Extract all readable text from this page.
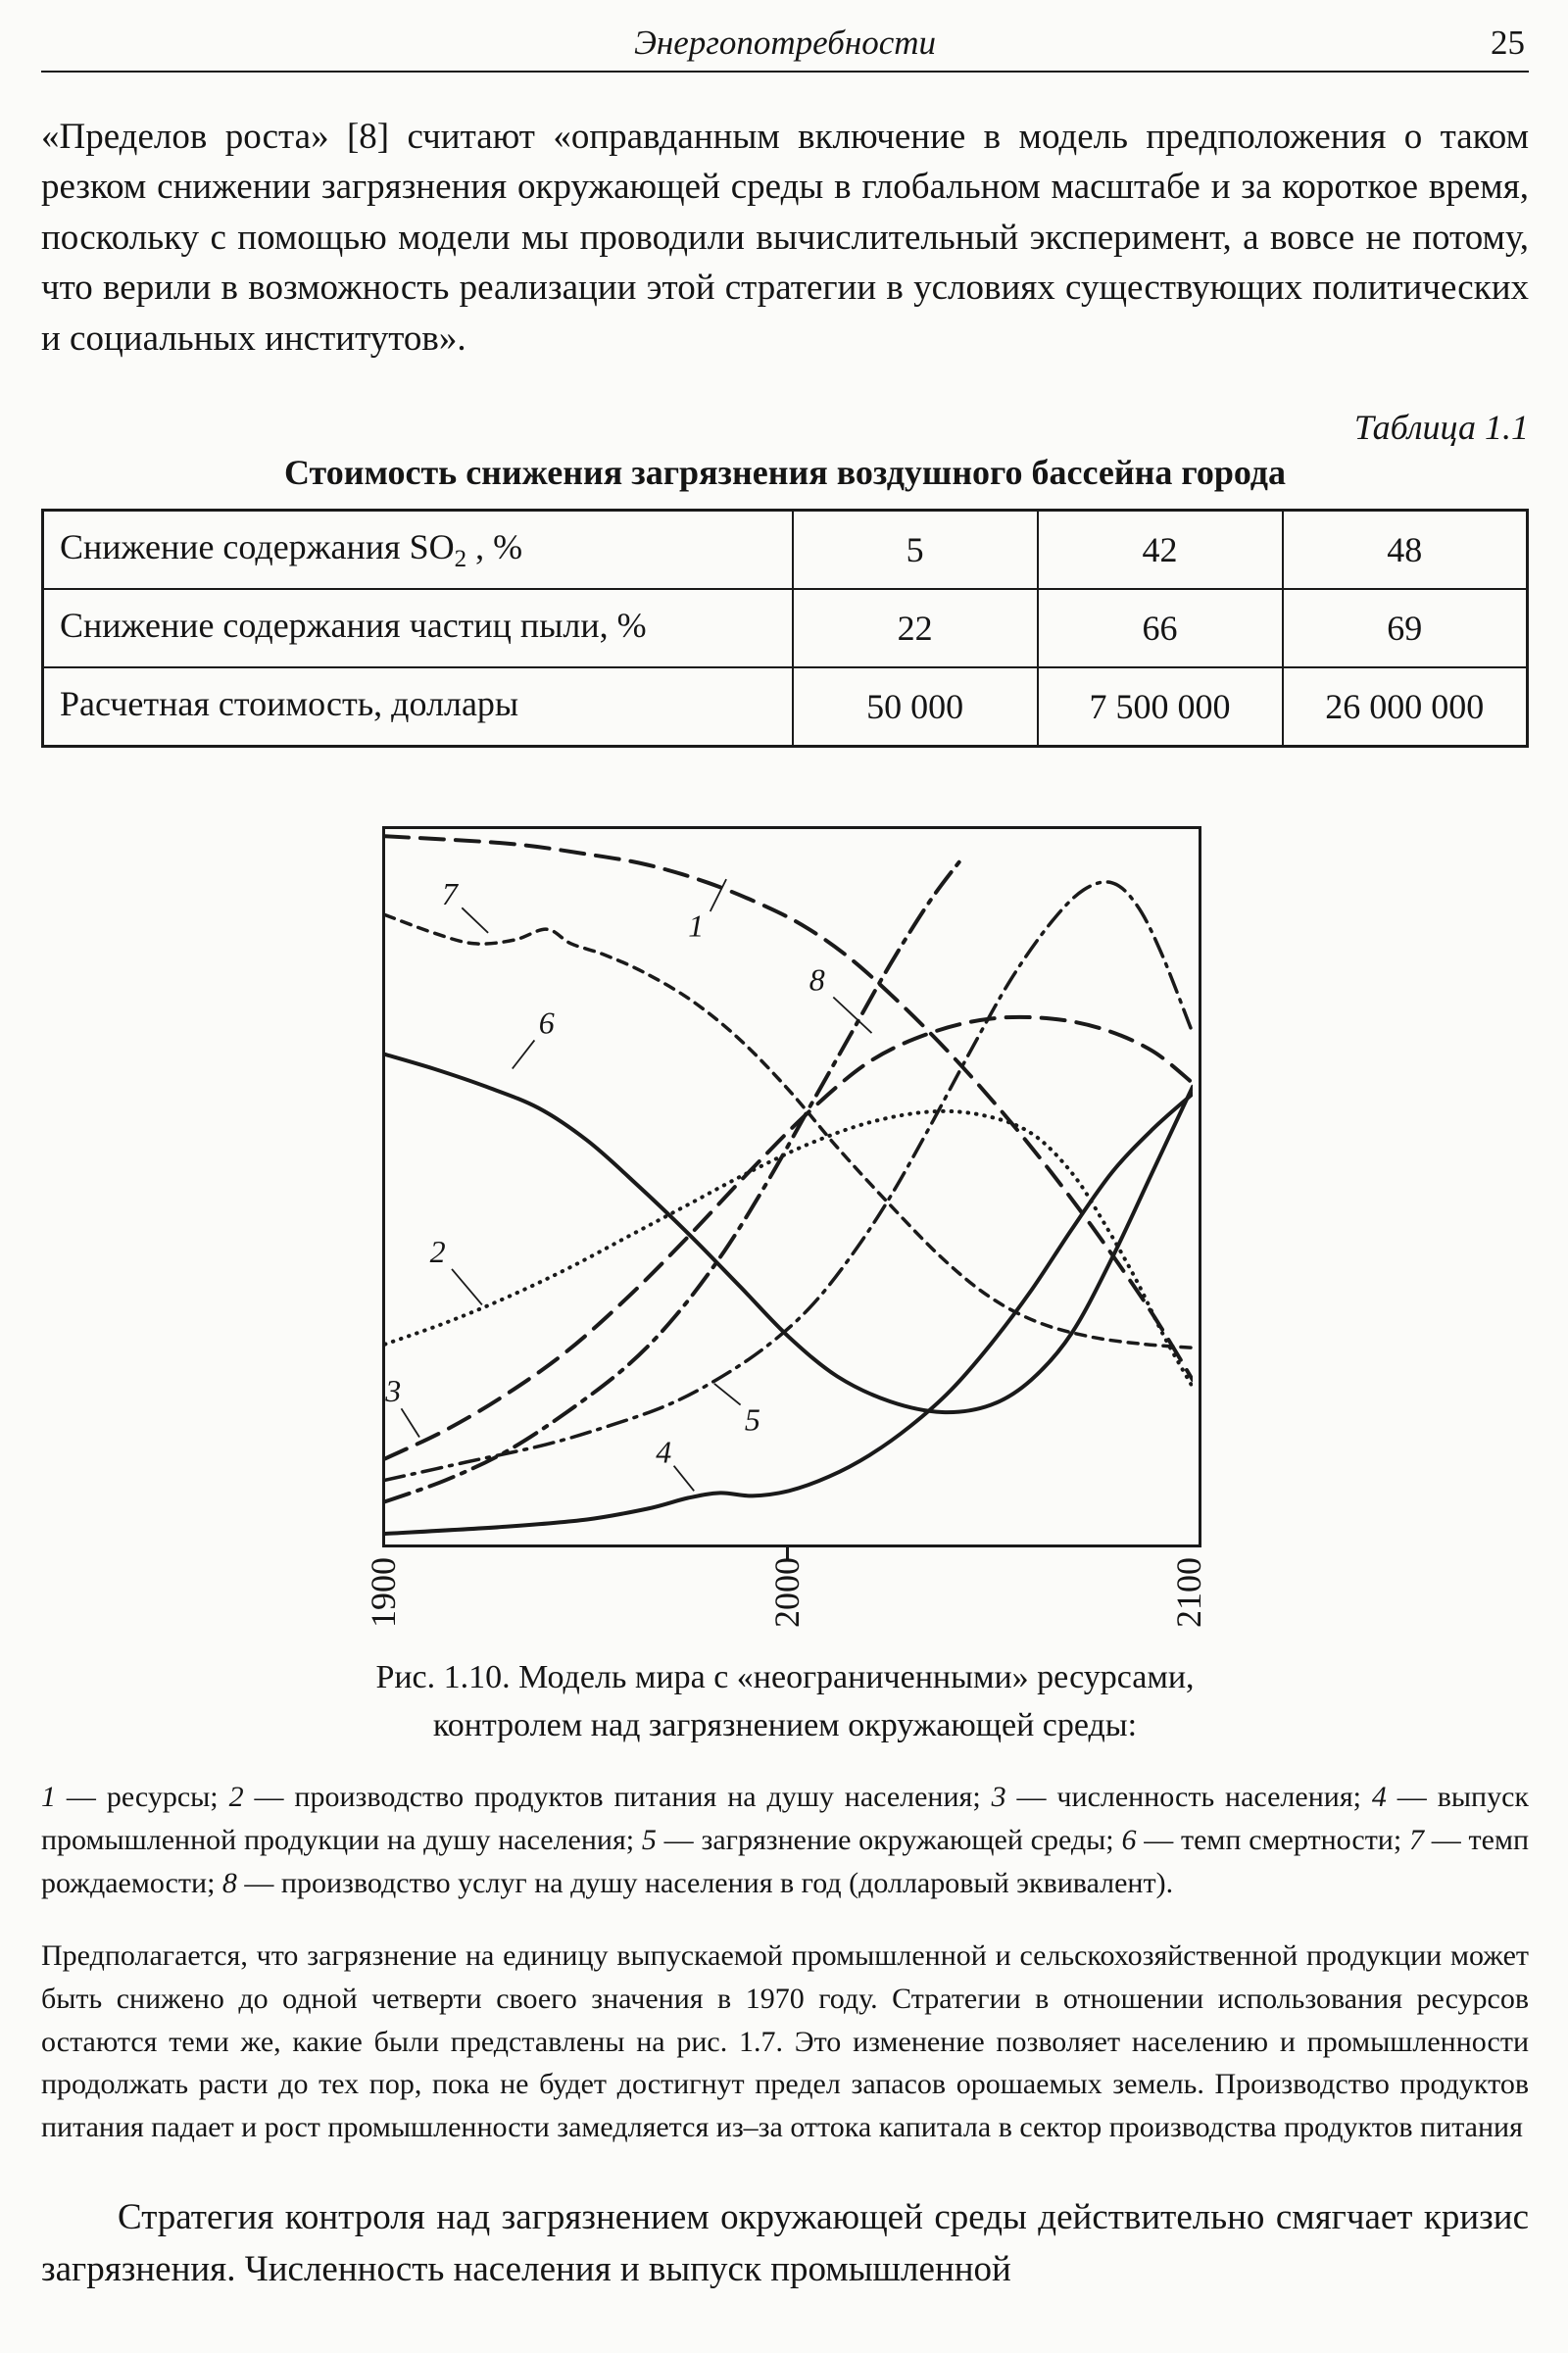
Энергопотребности	25

«Пределов роста» [8] считают «оправданным включение в модель предположения о таком резком снижении загрязнения окружающей среды в глобальном масштабе и за короткое время, поскольку с помощью модели мы проводили вычислительный эксперимент, а вовсе не потому, что верили в возможность реализации этой стратегии в условиях существующих политических и социальных институтов».

Таблица 1.1
Стоимость снижения загрязнения воздушного бассейна города
Снижение содержания $SO_2$ , %	5	42	48
Снижение содержания частиц пыли, %	22	66	69
Расчетная стоимость, доллары	50 000	7 500 000	26 000 000
1
2
3
4
5
6
7
8
1900	2000	2100
Рис. 1.10. Модель мира с «неограниченными» ресурсами,
контролем над загрязнением окружающей среды:

1 — ресурсы; 2 — производство продуктов питания на душу населения; 3 — численность населения; 4 — выпуск промышленной продукции на душу населения; 5 — загрязнение окружающей среды; 6 — темп смертности; 7 — темп рождаемости; 8 — производство услуг на душу населения в год (долларовый эквивалент).

Предполагается, что загрязнение на единицу выпускаемой промышленной и сельскохозяйственной продукции может быть снижено до одной четверти своего значения в 1970 году. Стратегии в отношении использования ресурсов остаются теми же, какие были представлены на рис. 1.7. Это изменение позволяет населению и промышленности продолжать расти до тех пор, пока не будет достигнут предел запасов орошаемых земель. Производство продуктов питания падает и рост промышленности замедляется из–за оттока капитала в сектор производства продуктов питания

Стратегия контроля над загрязнением окружающей среды действительно смягчает кризис загрязнения. Численность населения и выпуск промышленной
